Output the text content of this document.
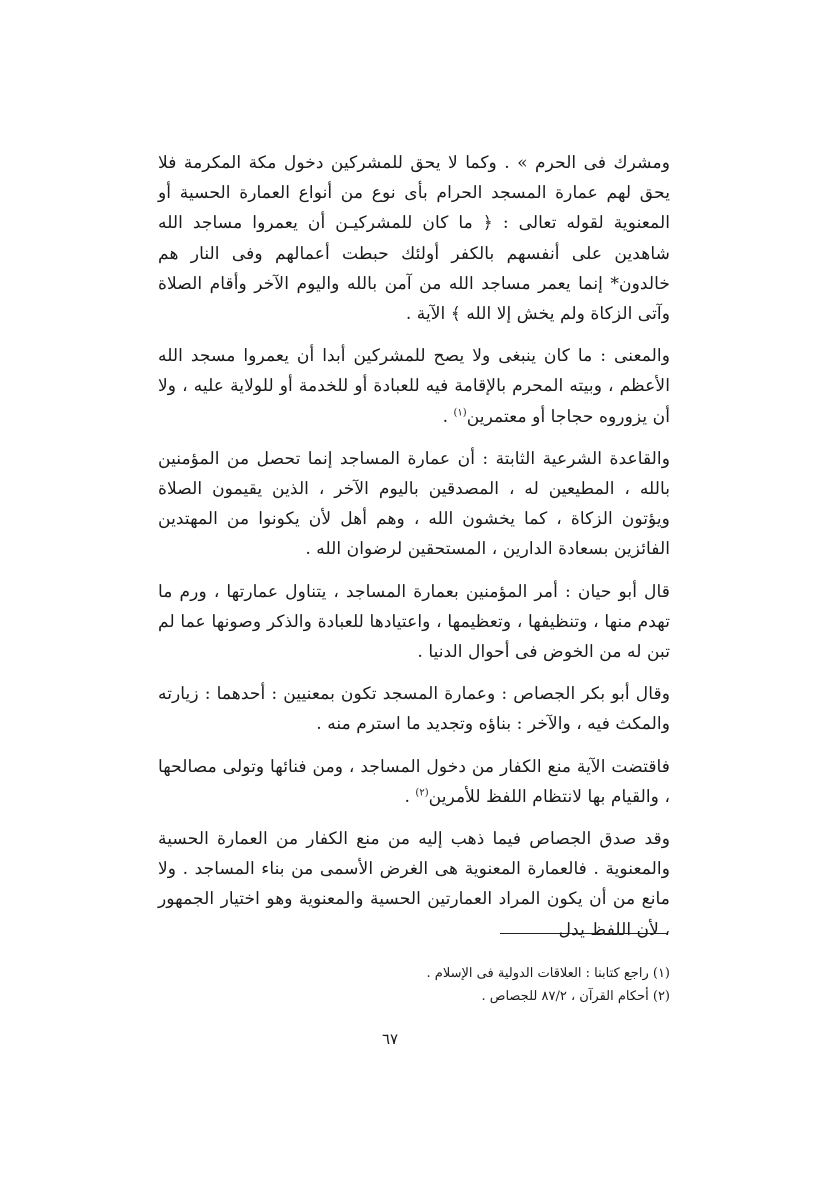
ومشرك فى الحرم » . وكما لا يحق للمشركين دخول مكة المكرمة فلا يحق لهم عمارة المسجد الحرام بأى نوع من أنواع العمارة الحسية أو المعنوية لقوله تعالى : ﴿ ما كان للمشركيـن أن يعمروا مساجد الله شاهدين على أنفسهم بالكفر أولئك حبطت أعمالهم وفى النار هم خالدون* إنما يعمر مساجد الله من آمن بالله واليوم الآخر وأقام الصلاة وآتى الزكاة ولم يخش إلا الله ﴾ الآية .

والمعنى : ما كان ينبغى ولا يصح للمشركين أبدا أن يعمروا مسجد الله الأعظم ، وبيته المحرم بالإقامة فيه للعبادة أو للخدمة أو للولاية عليه ، ولا أن يزوروه حجاجا أو معتمرين$^{(١)}$ .

والقاعدة الشرعية الثابتة : أن عمارة المساجد إنما تحصل من المؤمنين بالله ، المطيعين له ، المصدقين باليوم الآخر ، الذين يقيمون الصلاة ويؤتون الزكاة ، كما يخشون الله ، وهم أهل لأن يكونوا من المهتدين الفائزين بسعادة الدارين ، المستحقين لرضوان الله .

قال أبو حيان : أمر المؤمنين بعمارة المساجد ، يتناول عمارتها ، ورم ما تهدم منها ، وتنظيفها ، وتعظيمها ، واعتيادها للعبادة والذكر وصونها عما لم تبن له من الخوض فى أحوال الدنيا .

وقال أبو بكر الجصاص : وعمارة المسجد تكون بمعنيين : أحدهما : زيارته والمكث فيه ، والآخر : بناؤه وتجديد ما استرم منه .

فاقتضت الآية منع الكفار من دخول المساجد ، ومن فنائها وتولى مصالحها ، والقيام بها لانتظام اللفظ للأمرين$^{(٢)}$ .

وقد صدق الجصاص فيما ذهب إليه من منع الكفار من العمارة الحسية والمعنوية . فالعمارة المعنوية هى الغرض الأسمى من بناء المساجد . ولا مانع من أن يكون المراد العمارتين الحسية والمعنوية وهو اختيار الجمهور ، لأن اللفظ يدل

(١) راجع كتابنا : العلاقات الدولية فى الإسلام .

(٢) أحكام القرآن ، ٨٧/٢ للجصاص .

٦٧
